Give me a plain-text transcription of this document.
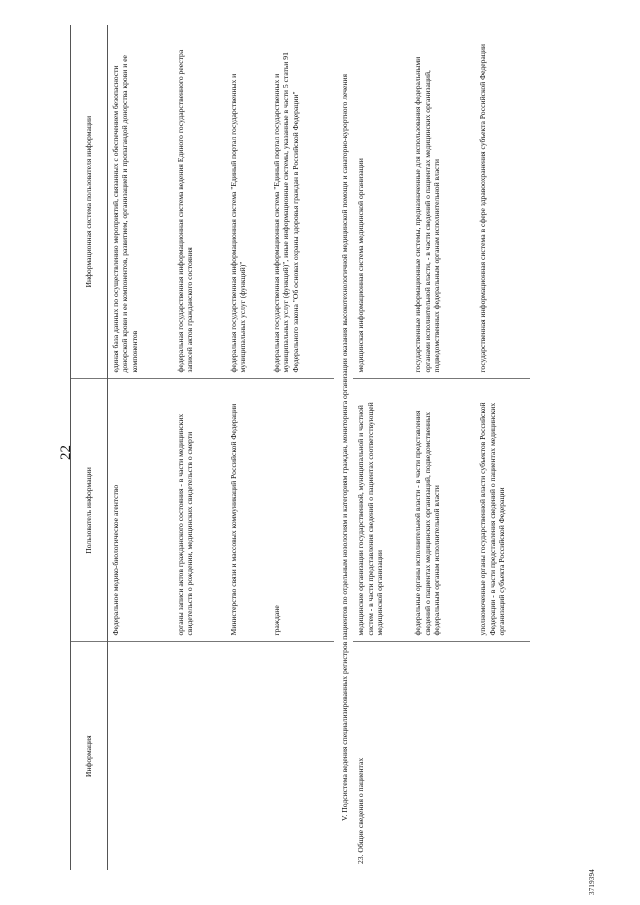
22
Информация	Пользователь информации	Информационная система пользователя информации
	Федеральное медико-биологическое агентство	единая база данных по осуществлению мероприятий, связанных с обеспечением безопасности донорской крови и ее компонентов, развитием, организацией и пропагандой донорства крови и ее компонентов
	органы записи актов гражданского состояния - в части медицинских свидетельств о рождении, медицинских свидетельств о смерти	федеральная государственная информационная система ведения Единого государственного реестра записей актов гражданского состояния
	Министерство связи и массовых коммуникаций Российской Федерации	федеральная государственная информационная система "Единый портал государственных и муниципальных услуг (функций)"
	граждане	федеральная государственная информационная система "Единый портал государственных и муниципальных услуг (функций)", иные информационные системы, указанные в части 5 статьи 91 Федерального закона "Об основах охраны здоровья граждан в Российской Федерации"
V. Подсистема ведения специализированных регистров пациентов по отдельным нозологиям и категориям граждан, мониторинга организации оказания высокотехнологичной медицинской помощи и санаторно-курортного лечения		
23. Общие сведения о пациентах	медицинские организации государственной, муниципальной и частной систем - в части представления сведений о пациентах соответствующей медицинской организации	медицинская информационная система медицинской организации
	федеральные органы исполнительной власти - в части представления сведений о пациентах медицинских организаций, подведомственных федеральным органам исполнительной власти	государственные информационные системы, предназначенные для использования федеральными органами исполнительной власти, - в части сведений о пациентах медицинских организаций, подведомственных федеральным органам исполнительной власти
	уполномоченные органы государственной власти субъектов Российской Федерации - в части представления сведений о пациентах медицинских организаций субъекта Российской Федерации	государственная информационная система в сфере здравоохранения субъекта Российской Федерации
3719394
